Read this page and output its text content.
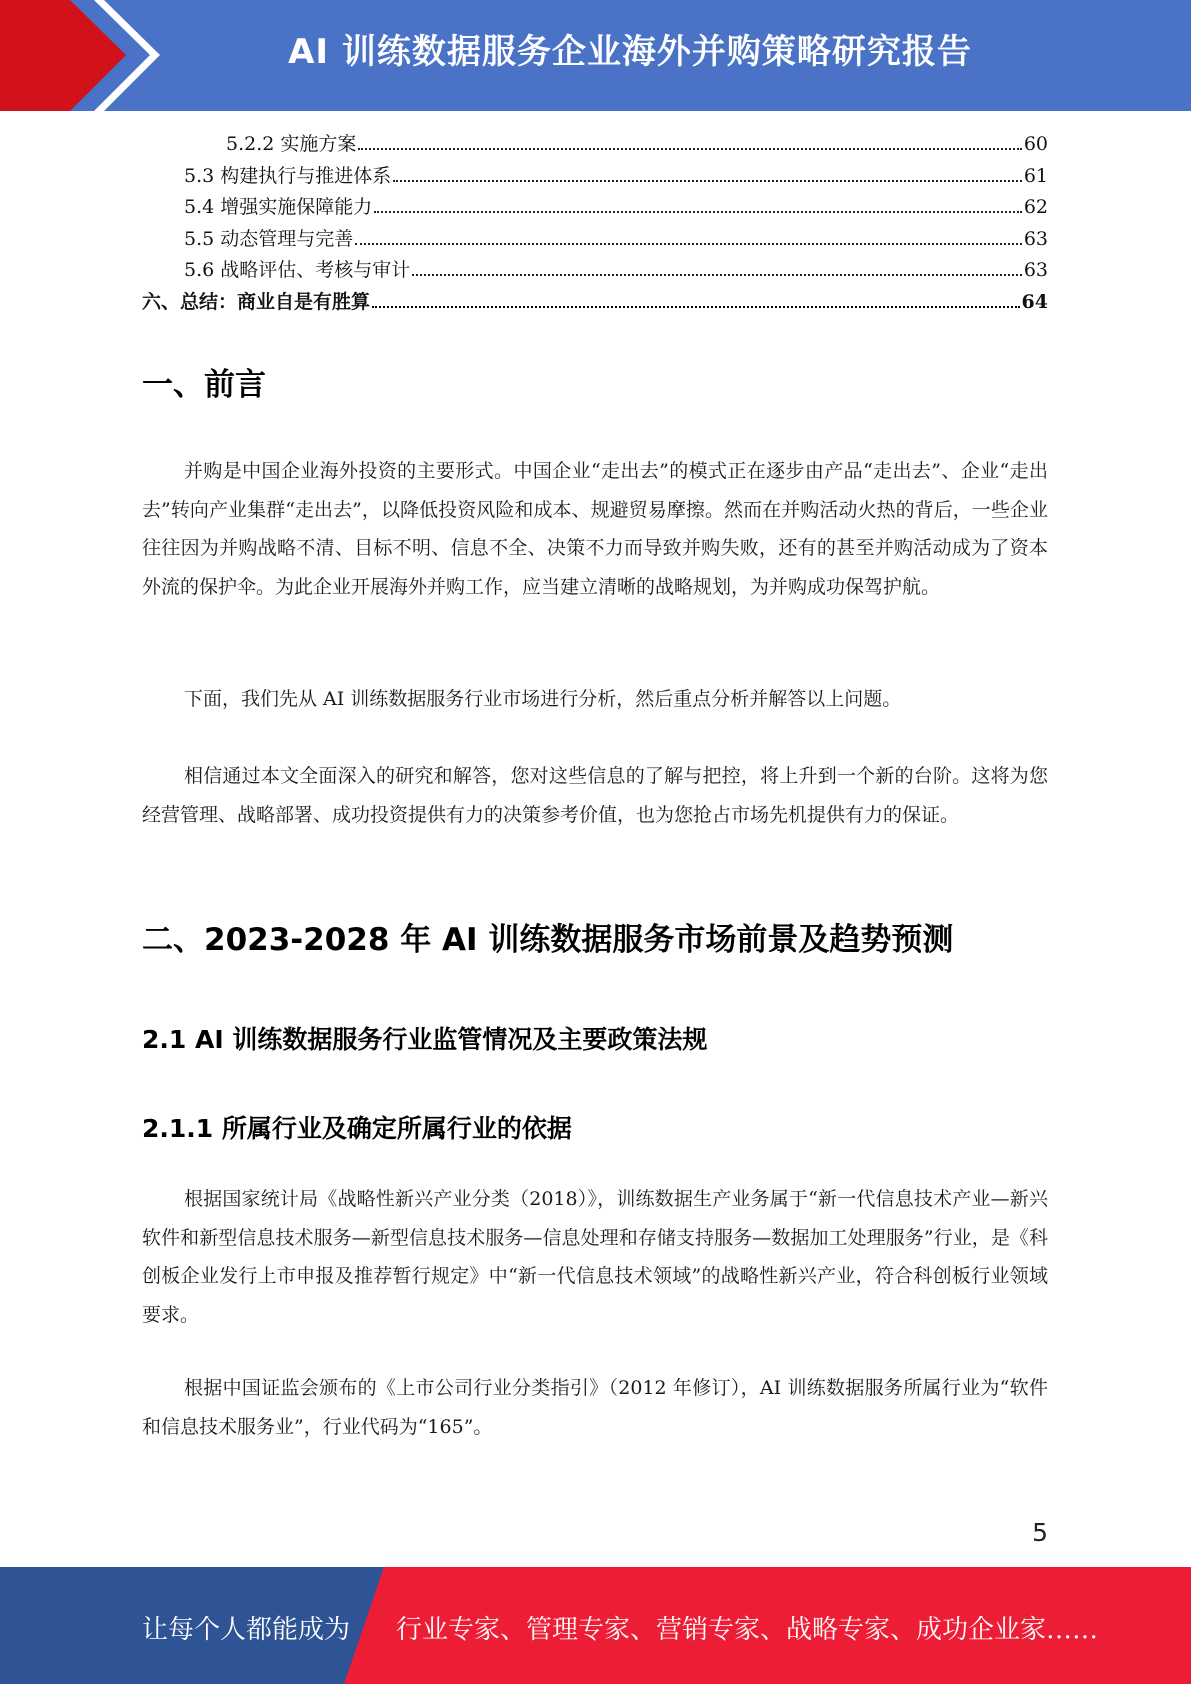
AI 训练数据服务企业海外并购策略研究报告
5.2.2 实施方案	60
5.3 构建执行与推进体系	61
5.4 增强实施保障能力	62
5.5 动态管理与完善	63
5.6 战略评估、考核与审计	63
六、总结：商业自是有胜算	64
一、前言
并购是中国企业海外投资的主要形式。中国企业“走出去”的模式正在逐步由产品“走出去”、企业“走出去”转向产业集群“走出去”，以降低投资风险和成本、规避贸易摩擦。然而在并购活动火热的背后，一些企业往往因为并购战略不清、目标不明、信息不全、决策不力而导致并购失败，还有的甚至并购活动成为了资本外流的保护伞。为此企业开展海外并购工作，应当建立清晰的战略规划，为并购成功保驾护航。
下面，我们先从 AI 训练数据服务行业市场进行分析，然后重点分析并解答以上问题。
相信通过本文全面深入的研究和解答，您对这些信息的了解与把控，将上升到一个新的台阶。这将为您经营管理、战略部署、成功投资提供有力的决策参考价值，也为您抢占市场先机提供有力的保证。
二、2023-2028 年 AI 训练数据服务市场前景及趋势预测
2.1 AI 训练数据服务行业监管情况及主要政策法规
2.1.1 所属行业及确定所属行业的依据
根据国家统计局《战略性新兴产业分类（2018）》，训练数据生产业务属于“新一代信息技术产业—新兴软件和新型信息技术服务—新型信息技术服务—信息处理和存储支持服务—数据加工处理服务”行业，是《科创板企业发行上市申报及推荐暂行规定》中“新一代信息技术领域”的战略性新兴产业，符合科创板行业领域要求。
根据中国证监会颁布的《上市公司行业分类指引》（2012 年修订），AI 训练数据服务所属行业为“软件和信息技术服务业”，行业代码为“165”。
5
让每个人都能成为 行业专家、管理专家、营销专家、战略专家、成功企业家……
